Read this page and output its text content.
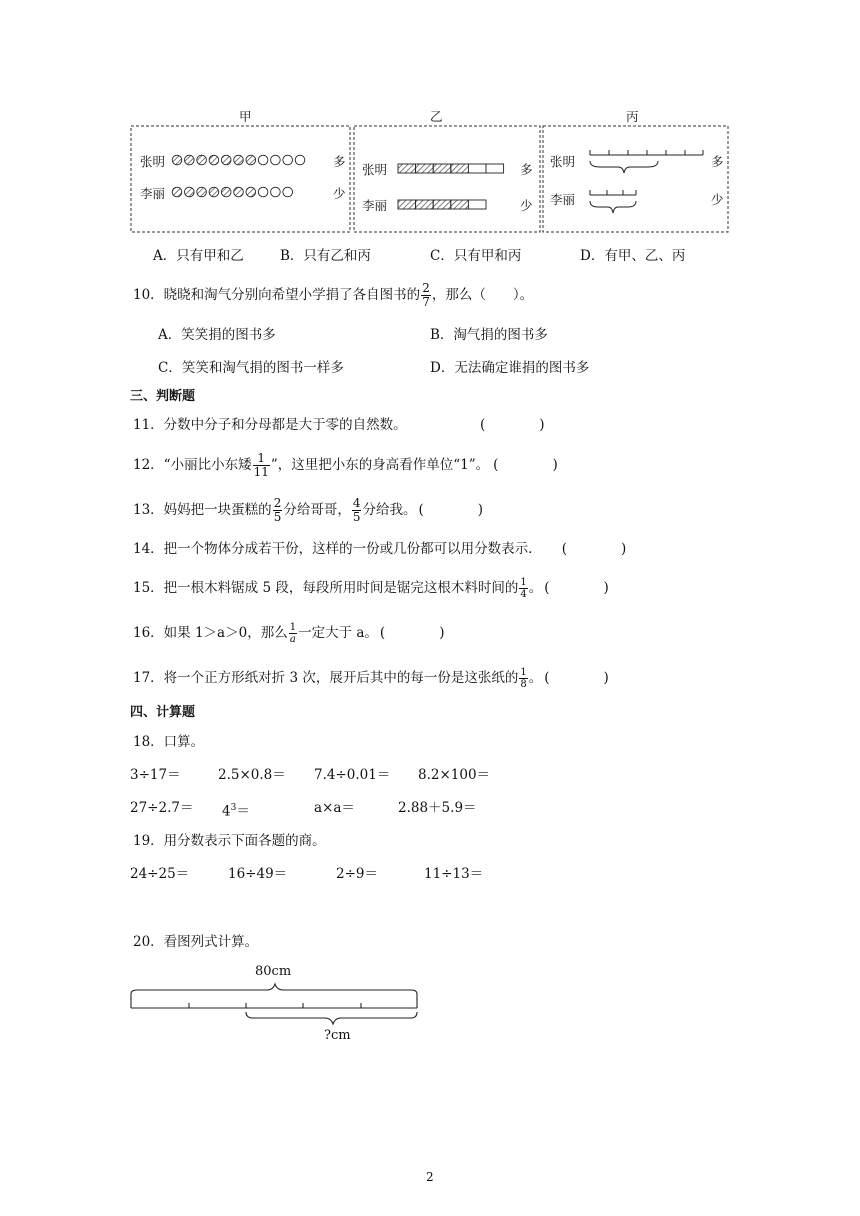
甲	乙	丙
张明
李丽
多
少
张明
李丽
多
少
张明
李丽
多
少
A．只有甲和乙	B．只有乙和丙	C．只有甲和丙	D．有甲、乙、丙
10．晓晓和淘气分别向希望小学捐了各自图书的 $\frac{2}{7}$ ，那么（　　）。
A．笑笑捐的图书多	B．淘气捐的图书多
C．笑笑和淘气捐的图书一样多	D．无法确定谁捐的图书多
三、判断题
11．分数中分子和分母都是大于零的自然数。	(　　　　)
12．“小丽比小东矮 $\frac{1}{11}$ ”，这里把小东的身高看作单位“1”。 (　　　　)
13．妈妈把一块蛋糕的 $\frac{2}{5}$ 分给哥哥， $\frac{4}{5}$ 分给我。 (　　　　)
14．把一个物体分成若干份，这样的一份或几份都可以用分数表示． (　　　　)
15．把一根木料锯成 5 段，每段所用时间是锯完这根木料时间的 $\frac{1}{4}$ 。 (　　　　)
16．如果 1＞a＞0，那么 $\frac{1}{a}$ 一定大于 a。 (　　　　)
17．将一个正方形纸对折 3 次，展开后其中的每一份是这张纸的 $\frac{1}{8}$ 。 (　　　　)
四、计算题
18．口算。
3÷17＝	2.5×0.8＝ 7.4÷0.01＝ 8.2×100＝
$27\div 2.7= 4^3=$	a×a＝	2.88＋5.9＝
19．用分数表示下面各题的商。
24÷25＝	16÷49＝	2÷9＝	11÷13＝
20．看图列式计算。
80cm
?cm
2
